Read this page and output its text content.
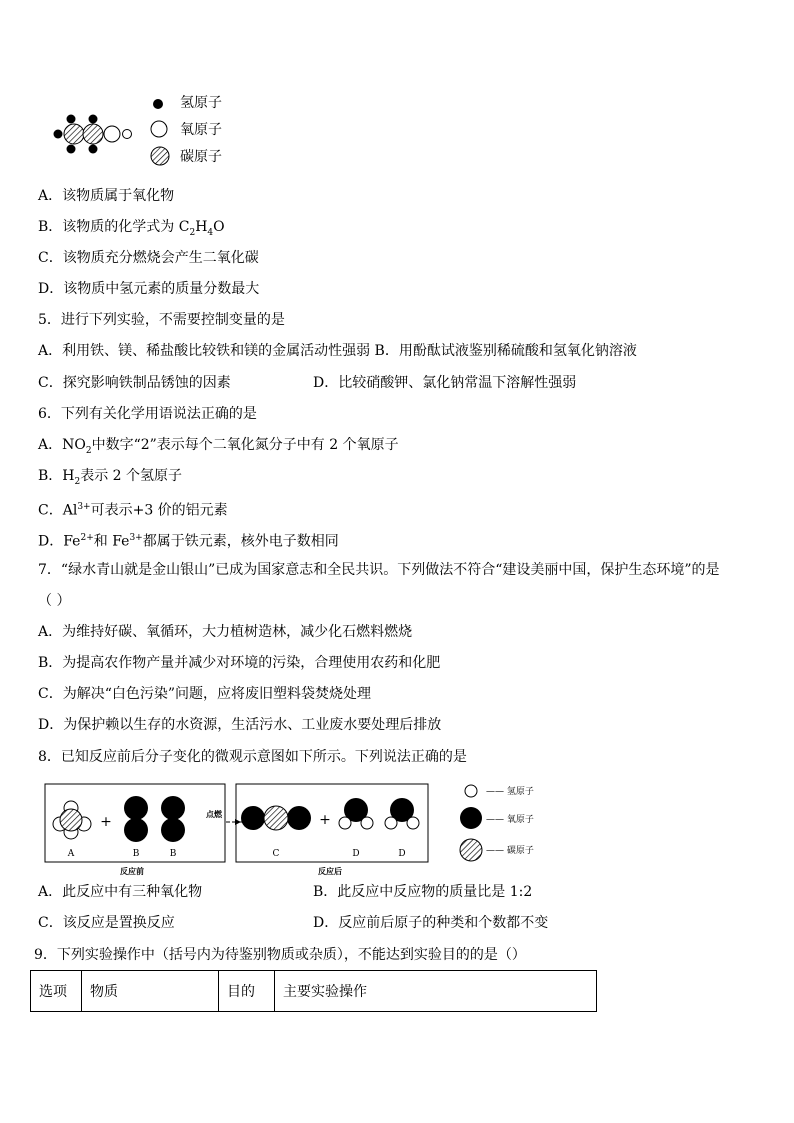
氢原子
氧原子
碳原子
A．该物质属于氧化物
B．该物质的化学式为 $C_2H_4O$
C．该物质充分燃烧会产生二氧化碳
D．该物质中氢元素的质量分数最大
5．进行下列实验，不需要控制变量的是
A．利用铁、镁、稀盐酸比较铁和镁的金属活动性强弱 B．用酚酞试液鉴别稀硫酸和氢氧化钠溶液
C．探究影响铁制品锈蚀的因素	D．比较硝酸钾、氯化钠常温下溶解性强弱
6．下列有关化学用语说法正确的是
A．$NO_2$中数字“2”表示每个二氧化氮分子中有 2 个氧原子
B．$H_2$表示 2 个氢原子
C．$Al^{3+}$可表示+3 价的铝元素
D．$Fe^{2+}$和 $Fe^{3+}$都属于铁元素，核外电子数相同
7．“绿水青山就是金山银山”已成为国家意志和全民共识。下列做法不符合“建设美丽中国，保护生态环境”的是
（ ）
A．为维持好碳、氧循环，大力植树造林，减少化石燃料燃烧
B．为提高农作物产量并减少对环境的污染，合理使用农药和化肥
C．为解决“白色污染”问题，应将废旧塑料袋焚烧处理
D．为保护赖以生存的水资源，生活污水、工业废水要处理后排放
8．已知反应前后分子变化的微观示意图如下所示。下列说法正确的是
+
A	B	B
反应前
点燃	+
C	D	D
反应后
—— 氢原子
—— 氧原子
—— 碳原子
A．此反应中有三种氧化物	B．此反应中反应物的质量比是 1:2
C．该反应是置换反应	D．反应前后原子的种类和个数都不变
9．下列实验操作中（括号内为待鉴别物质或杂质），不能达到实验目的的是（）
选项	物质	目的	主要实验操作
